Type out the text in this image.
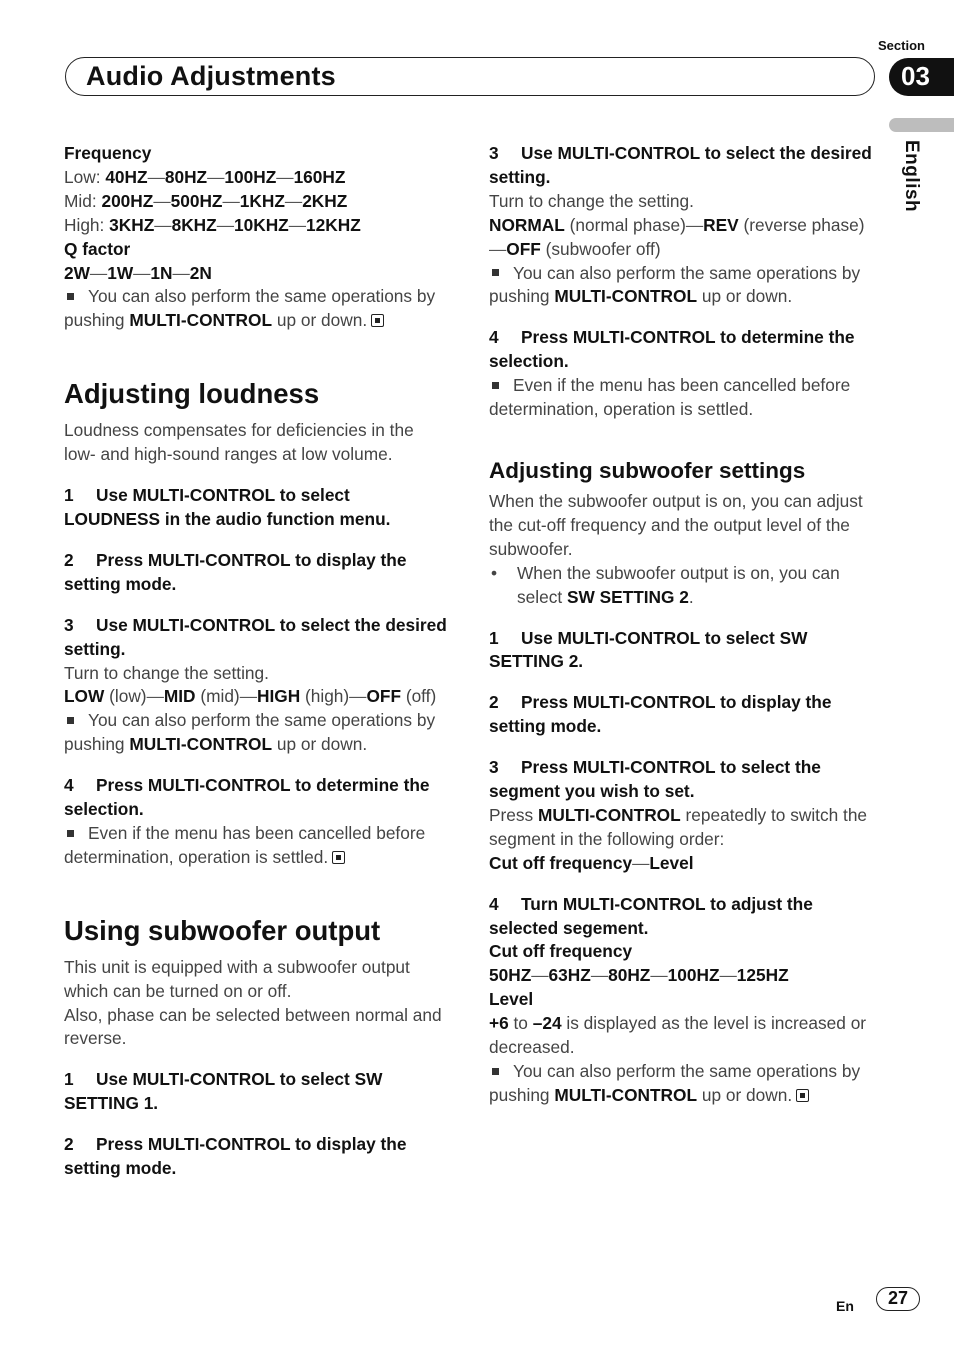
Section
Audio Adjustments	03
English

Frequency

Low: 40HZ—80HZ—100HZ—160HZ

Mid: 200HZ—500HZ—1KHZ—2KHZ

High: 3KHZ—8KHZ—10KHZ—12KHZ

Q factor

2W—1W—1N—2N

You can also perform the same operations by pushing MULTI-CONTROL up or down.

Adjusting loudness

Loudness compensates for deficiencies in the low- and high-sound ranges at low volume.

1 Use MULTI-CONTROL to select LOUDNESS in the audio function menu.

2 Press MULTI-CONTROL to display the setting mode.

3 Use MULTI-CONTROL to select the desired setting.

Turn to change the setting.

LOW (low)—MID (mid)—HIGH (high)—OFF (off)

You can also perform the same operations by pushing MULTI-CONTROL up or down.

4 Press MULTI-CONTROL to determine the selection.

Even if the menu has been cancelled before determination, operation is settled.

Using subwoofer output

This unit is equipped with a subwoofer output which can be turned on or off.

Also, phase can be selected between normal and reverse.

1 Use MULTI-CONTROL to select SW SETTING 1.

2 Press MULTI-CONTROL to display the setting mode.

3 Use MULTI-CONTROL to select the desired setting.

Turn to change the setting.

NORMAL (normal phase)—REV (reverse phase)—OFF (subwoofer off)

You can also perform the same operations by pushing MULTI-CONTROL up or down.

4 Press MULTI-CONTROL to determine the selection.

Even if the menu has been cancelled before determination, operation is settled.

Adjusting subwoofer settings

When the subwoofer output is on, you can adjust the cut-off frequency and the output level of the subwoofer.

•	When the subwoofer output is on, you can select SW SETTING 2.

1 Use MULTI-CONTROL to select SW SETTING 2.

2 Press MULTI-CONTROL to display the setting mode.

3 Press MULTI-CONTROL to select the segment you wish to set.

Press MULTI-CONTROL repeatedly to switch the segment in the following order:

Cut off frequency—Level

4 Turn MULTI-CONTROL to adjust the selected segement.

Cut off frequency

50HZ—63HZ—80HZ—100HZ—125HZ

Level

+6 to –24 is displayed as the level is increased or decreased.

You can also perform the same operations by pushing MULTI-CONTROL up or down.

En	27
